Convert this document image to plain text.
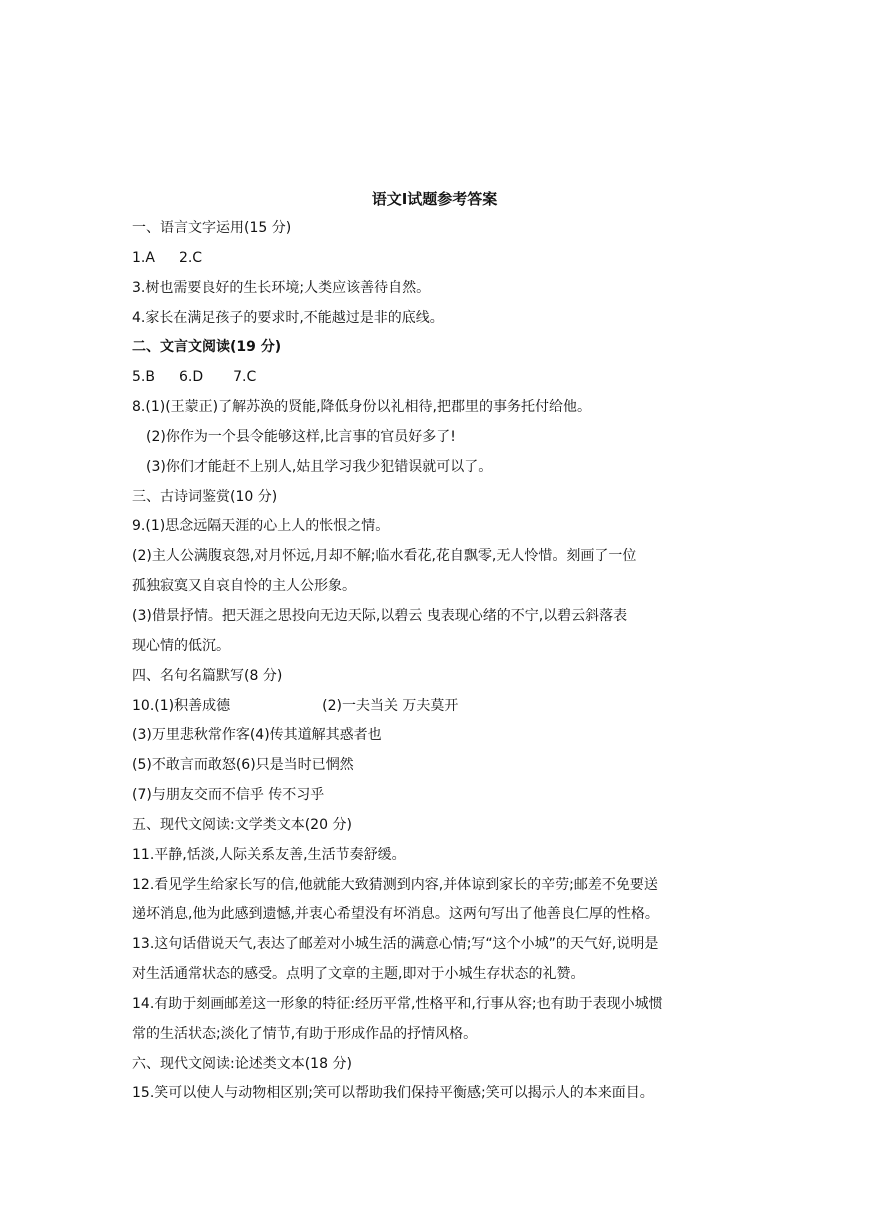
语文Ⅰ试题参考答案
一、语言文字运用(15 分)
1.A 2.C
3.树也需要良好的生长环境;人类应该善待自然。
4.家长在满足孩子的要求时,不能越过是非的底线。
二、文言文阅读(19 分)
5.B 6.D 7.C
8.(1)(王蒙正)了解苏涣的贤能,降低身份以礼相待,把郡里的事务托付给他。
(2)你作为一个县令能够这样,比言事的官员好多了!
(3)你们才能赶不上别人,姑且学习我少犯错误就可以了。
三、古诗词鉴赏(10 分)
9.(1)思念远隔天涯的心上人的怅恨之情。
(2)主人公满腹哀怨,对月怀远,月却不解;临水看花,花自飘零,无人怜惜。刻画了一位
孤独寂寞又自哀自怜的主人公形象。
(3)借景抒情。把天涯之思投向无边天际,以碧云 曳表现心绪的不宁,以碧云斜落表
现心情的低沉。
四、名句名篇默写(8 分)
10.(1)积善成德	(2)一夫当关 万夫莫开
(3)万里悲秋常作客(4)传其道解其惑者也
(5)不敢言而敢怒(6)只是当时已惘然
(7)与朋友交而不信乎 传不习乎
五、现代文阅读:文学类文本(20 分)
11.平静,恬淡,人际关系友善,生活节奏舒缓。
12.看见学生给家长写的信,他就能大致猜测到内容,并体谅到家长的辛劳;邮差不免要送
递坏消息,他为此感到遗憾,并衷心希望没有坏消息。这两句写出了他善良仁厚的性格。
13.这句话借说天气,表达了邮差对小城生活的满意心情;写“这个小城”的天气好,说明是
对生活通常状态的感受。点明了文章的主题,即对于小城生存状态的礼赞。
14.有助于刻画邮差这一形象的特征:经历平常,性格平和,行事从容;也有助于表现小城惯
常的生活状态;淡化了情节,有助于形成作品的抒情风格。
六、现代文阅读:论述类文本(18 分)
15.笑可以使人与动物相区别;笑可以帮助我们保持平衡感;笑可以揭示人的本来面目。
